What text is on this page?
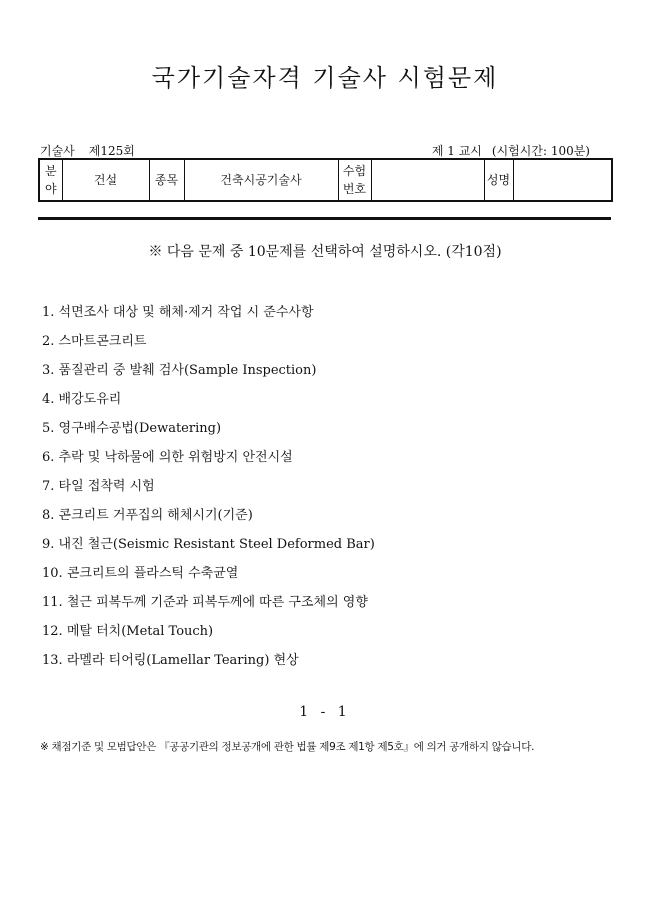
국가기술자격 기술사 시험문제
기술사 제125회	제 1 교시 (시험시간: 100분)
분야	건설	종목	건축시공기술사	수험번호		성명	
※ 다음 문제 중 10문제를 선택하여 설명하시오. (각10점)
1. 석면조사 대상 및 해체·제거 작업 시 준수사항
2. 스마트콘크리트
3. 품질관리 중 발췌 검사(Sample Inspection)
4. 배강도유리
5. 영구배수공법(Dewatering)
6. 추락 및 낙하물에 의한 위험방지 안전시설
7. 타일 접착력 시험
8. 콘크리트 거푸집의 해체시기(기준)
9. 내진 철근(Seismic Resistant Steel Deformed Bar)
10. 콘크리트의 플라스틱 수축균열
11. 철근 피복두께 기준과 피복두께에 따른 구조체의 영향
12. 메탈 터치(Metal Touch)
13. 라멜라 티어링(Lamellar Tearing) 현상
1 - 1
※ 채점기준 및 모범답안은 『공공기관의 정보공개에 관한 법률 제9조 제1항 제5호』에 의거 공개하지 않습니다.
